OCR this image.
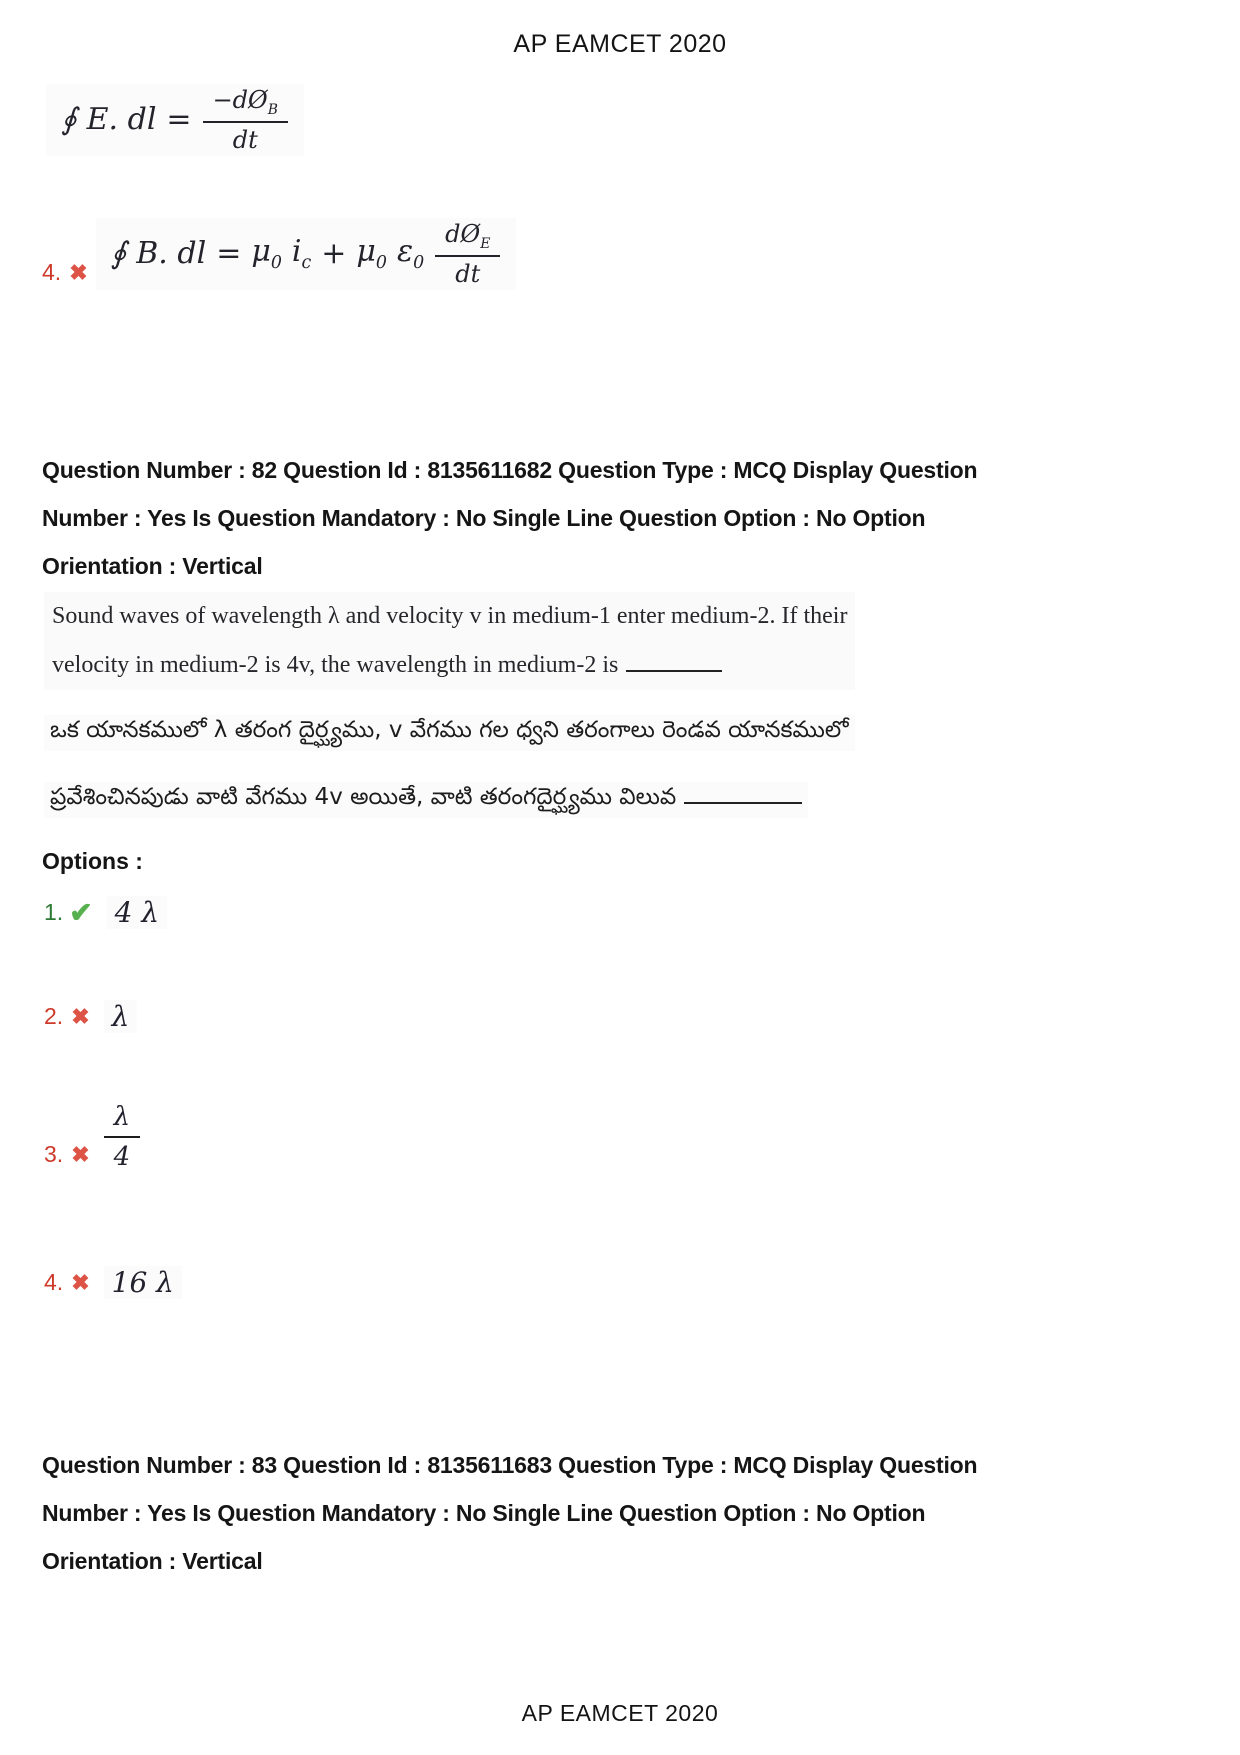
AP EAMCET 2020
∮ E. dl = $\frac{-dØ_B}{dt}$
4. ✖
∮ B. dl = $\mu_0$ $i_c + \mu_0$ $\varepsilon_0 \frac{dØ_E}{dt}$
Question Number : 82 Question Id : 8135611682 Question Type : MCQ Display Question
Number : Yes Is Question Mandatory : No Single Line Question Option : No Option
Orientation : Vertical
Sound waves of wavelength λ and velocity v in medium-1 enter medium-2. If their
velocity in medium-2 is 4v, the wavelength in medium-2 is
ఒక యానకములో λ తరంగ దైర్ఘ్యము, v వేగము గల ధ్వని తరంగాలు రెండవ యానకములో
ప్రవేశించినపుడు వాటి వేగము 4v అయితే, వాటి తరంగదైర్ఘ్యము విలువ
Options :
1. ✔ 4 λ
2. ✖ λ
3. ✖ $\frac{\lambda}{4}$
4. ✖ 16 λ
Question Number : 83 Question Id : 8135611683 Question Type : MCQ Display Question
Number : Yes Is Question Mandatory : No Single Line Question Option : No Option
Orientation : Vertical
AP EAMCET 2020
